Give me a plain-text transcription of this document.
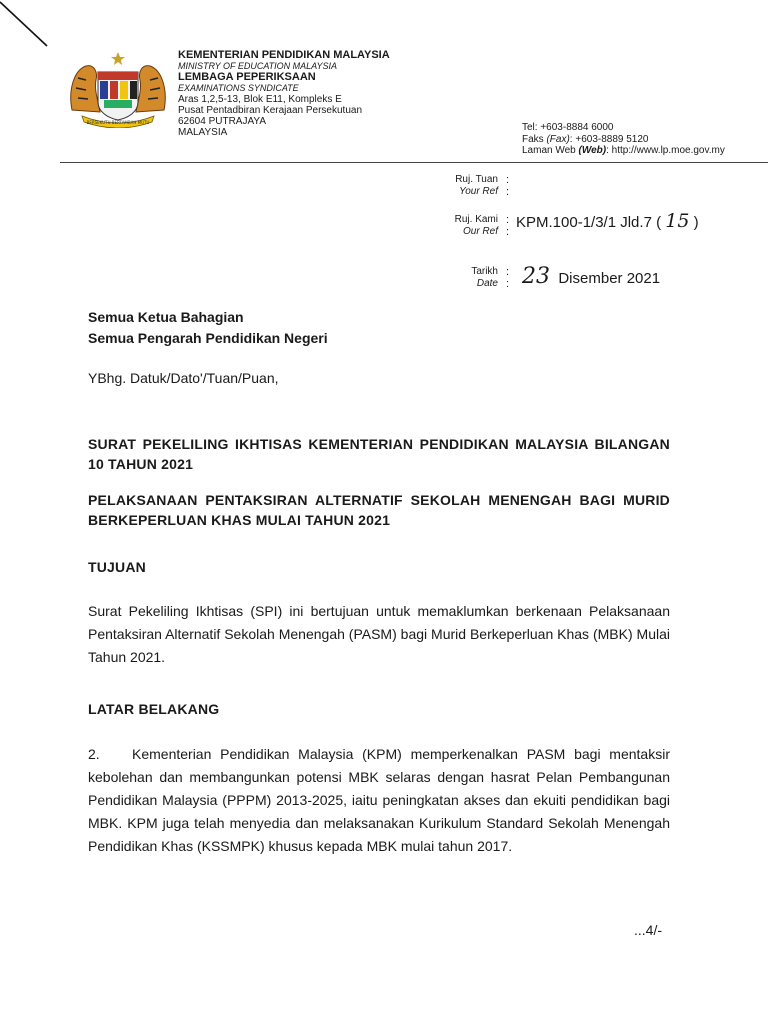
BERSEKUTU BERTAMBAH MUTU
KEMENTERIAN PENDIDIKAN MALAYSIA
MINISTRY OF EDUCATION MALAYSIA
LEMBAGA PEPERIKSAAN
EXAMINATIONS SYNDICATE
Aras 1,2,5-13, Blok E11, Kompleks E
Pusat Pentadbiran Kerajaan Persekutuan
62604 PUTRAJAYA
MALAYSIA	Tel: +603-8884 6000
Faks (Fax): +603-8889 5120
Laman Web (Web): http://www.lp.moe.gov.my
Ruj. Tuan
Your Ref
:
:
Ruj. Kami
Our Ref
:
:
KPM.100-1/3/1 Jld.7 ( 15 )
Tarikh
Date
:
: 23 Disember 2021
Semua Ketua Bahagian
Semua Pengarah Pendidikan Negeri
YBhg. Datuk/Dato'/Tuan/Puan,
SURAT PEKELILING IKHTISAS KEMENTERIAN PENDIDIKAN MALAYSIA BILANGAN 10 TAHUN 2021
PELAKSANAAN PENTAKSIRAN ALTERNATIF SEKOLAH MENENGAH BAGI MURID BERKEPERLUAN KHAS MULAI TAHUN 2021
TUJUAN
Surat Pekeliling Ikhtisas (SPI) ini bertujuan untuk memaklumkan berkenaan Pelaksanaan Pentaksiran Alternatif Sekolah Menengah (PASM) bagi Murid Berkeperluan Khas (MBK) Mulai Tahun 2021.
LATAR BELAKANG
2. Kementerian Pendidikan Malaysia (KPM) memperkenalkan PASM bagi mentaksir kebolehan dan membangunkan potensi MBK selaras dengan hasrat Pelan Pembangunan Pendidikan Malaysia (PPPM) 2013-2025, iaitu peningkatan akses dan ekuiti pendidikan bagi MBK. KPM juga telah menyedia dan melaksanakan Kurikulum Standard Sekolah Menengah Pendidikan Khas (KSSMPK) khusus kepada MBK mulai tahun 2017.
...4/-
